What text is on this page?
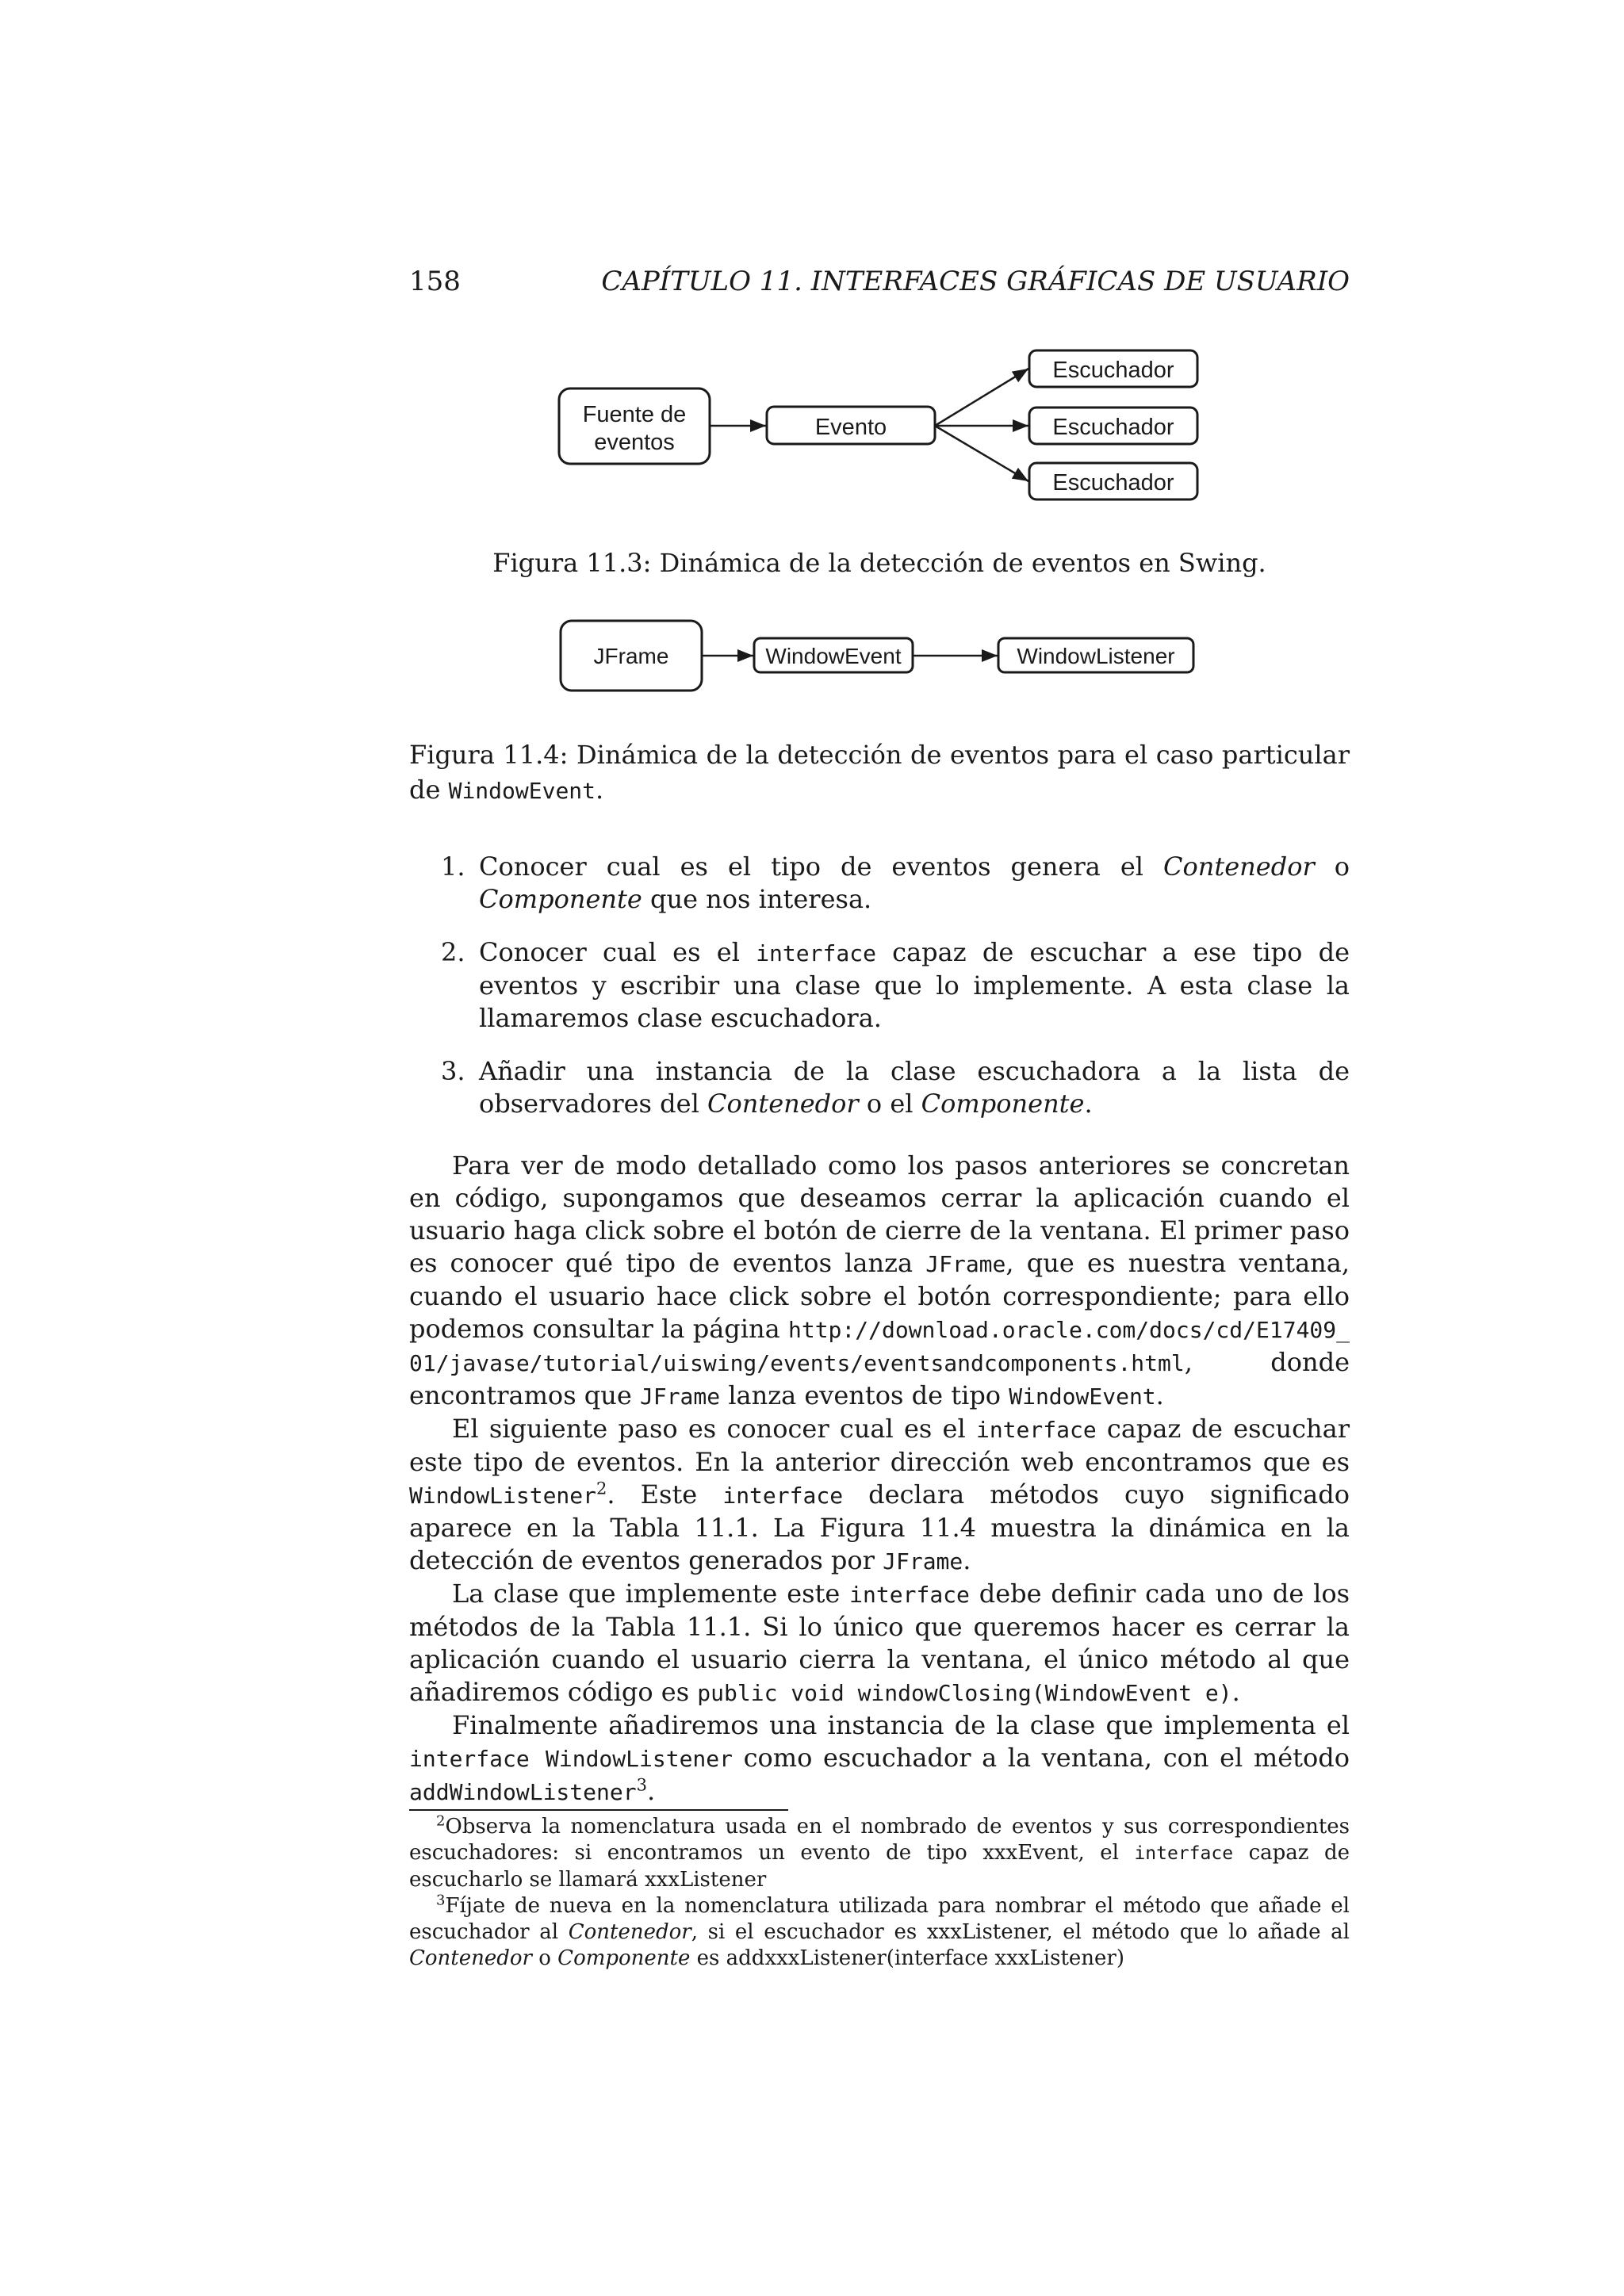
158	CAPÍTULO 11. INTERFACES GRÁFICAS DE USUARIO
Fuente de
eventos
Evento
Escuchador
Escuchador
Escuchador
Figura 11.3: Dinámica de la detección de eventos en Swing.
JFrame	WindowEvent	WindowListener
Figura 11.4: Dinámica de la detección de eventos para el caso particular de WindowEvent.
1. Conocer cual es el tipo de eventos genera el Contenedor o Componente que nos interesa.
2. Conocer cual es el interface capaz de escuchar a ese tipo de eventos y escribir una clase que lo implemente. A esta clase la llamaremos clase escuchadora.
3. Añadir una instancia de la clase escuchadora a la lista de observadores del Contenedor o el Componente.

Para ver de modo detallado como los pasos anteriores se concretan en código, supongamos que deseamos cerrar la aplicación cuando el usuario haga click sobre el botón de cierre de la ventana. El primer paso es conocer qué tipo de eventos lanza JFrame, que es nuestra ventana, cuando el usuario hace click sobre el botón correspondiente; para ello podemos consultar la página http://download.oracle.com/docs/cd/E17409_01/javase/tutorial/uiswing/events/eventsandcomponents.html, donde encontramos que JFrame lanza eventos de tipo WindowEvent.

El siguiente paso es conocer cual es el interface capaz de escuchar este tipo de eventos. En la anterior dirección web encontramos que es WindowListener$^2$. Este interface declara métodos cuyo significado aparece en la Tabla 11.1. La Figura 11.4 muestra la dinámica en la detección de eventos generados por JFrame.

La clase que implemente este interface debe definir cada uno de los métodos de la Tabla 11.1. Si lo único que queremos hacer es cerrar la aplicación cuando el usuario cierra la ventana, el único método al que añadiremos código es public void windowClosing(WindowEvent e).

Finalmente añadiremos una instancia de la clase que implementa el interface WindowListener como escuchador a la ventana, con el método addWindowListener$^3$.

$^2$Observa la nomenclatura usada en el nombrado de eventos y sus correspondientes escuchadores: si encontramos un evento de tipo xxxEvent, el interface capaz de escucharlo se llamará xxxListener

$^3$Fíjate de nueva en la nomenclatura utilizada para nombrar el método que añade el escuchador al Contenedor, si el escuchador es xxxListener, el método que lo añade al Contenedor o Componente es addxxxListener(interface xxxListener)
